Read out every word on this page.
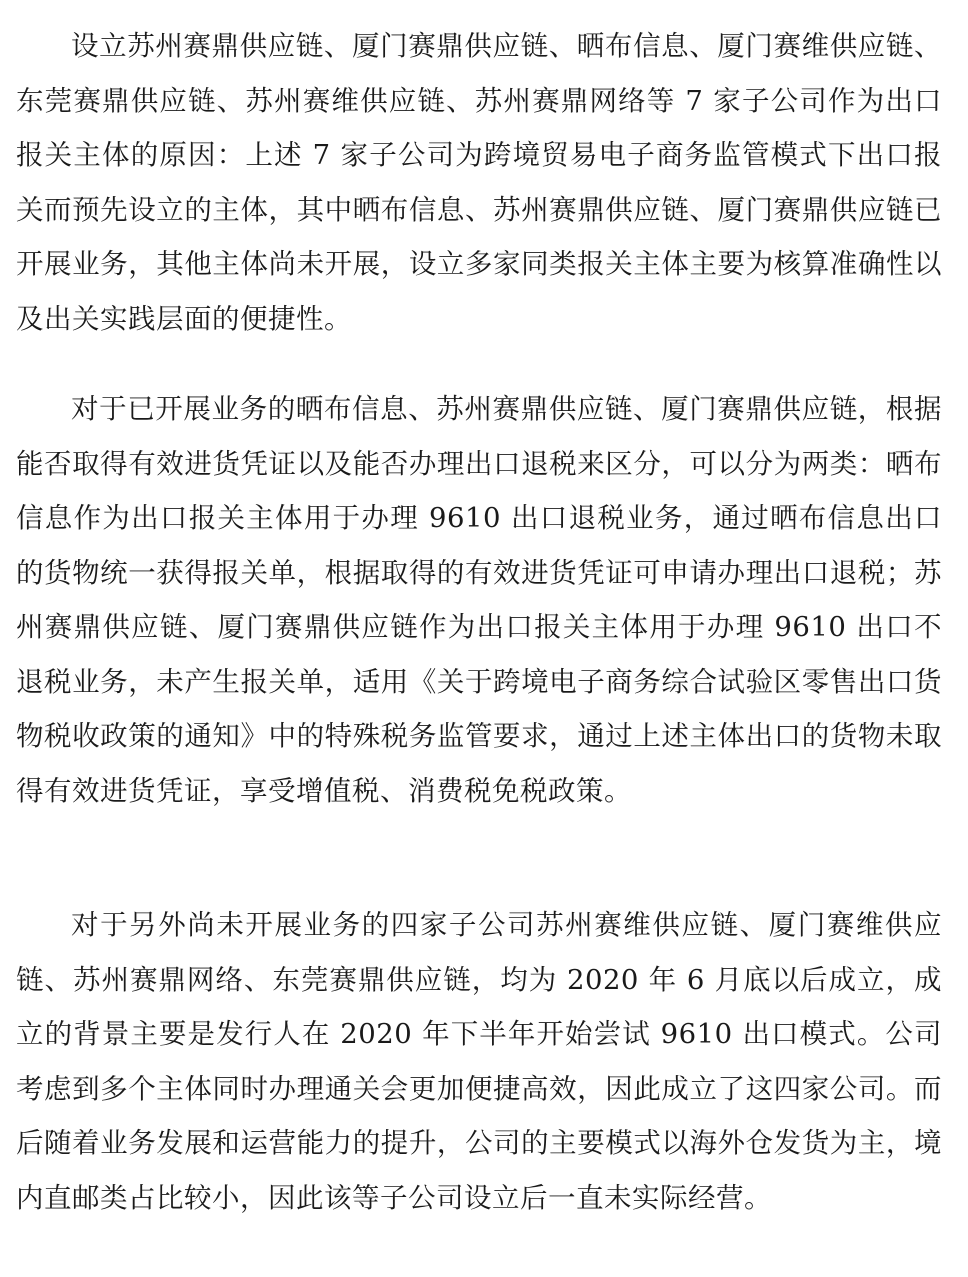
设立苏州赛鼎供应链、厦门赛鼎供应链、晒布信息、厦门赛维供应链、东莞赛鼎供应链、苏州赛维供应链、苏州赛鼎网络等 7 家子公司作为出口报关主体的原因：上述 7 家子公司为跨境贸易电子商务监管模式下出口报关而预先设立的主体，其中晒布信息、苏州赛鼎供应链、厦门赛鼎供应链已开展业务，其他主体尚未开展，设立多家同类报关主体主要为核算准确性以及出关实践层面的便捷性。

对于已开展业务的晒布信息、苏州赛鼎供应链、厦门赛鼎供应链，根据能否取得有效进货凭证以及能否办理出口退税来区分，可以分为两类：晒布信息作为出口报关主体用于办理 9610 出口退税业务，通过晒布信息出口的货物统一获得报关单，根据取得的有效进货凭证可申请办理出口退税；苏州赛鼎供应链、厦门赛鼎供应链作为出口报关主体用于办理 9610 出口不退税业务，未产生报关单，适用《关于跨境电子商务综合试验区零售出口货物税收政策的通知》中的特殊税务监管要求，通过上述主体出口的货物未取得有效进货凭证，享受增值税、消费税免税政策。

对于另外尚未开展业务的四家子公司苏州赛维供应链、厦门赛维供应链、苏州赛鼎网络、东莞赛鼎供应链，均为 2020 年 6 月底以后成立，成立的背景主要是发行人在 2020 年下半年开始尝试 9610 出口模式。公司考虑到多个主体同时办理通关会更加便捷高效，因此成立了这四家公司。而后随着业务发展和运营能力的提升，公司的主要模式以海外仓发货为主，境内直邮类占比较小，因此该等子公司设立后一直未实际经营。
